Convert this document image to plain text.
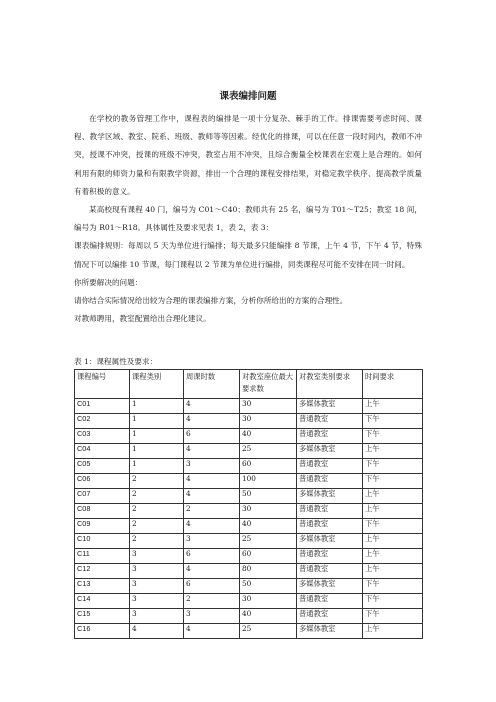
课表编排问题

在学校的教务管理工作中，课程表的编排是一项十分复杂、棘手的工作。排课需要考虑时间、课程、教学区域、教室、院系、班级、教师等等因素。经优化的排课，可以在任意一段时间内，教师不冲突，授课不冲突，授课的班级不冲突，教室占用不冲突，且综合衡量全校课表在宏观上是合理的。如何利用有限的师资力量和有限教学资源，排出一个合理的课程安排结果，对稳定教学秩序、提高教学质量有着积极的意义。

某高校现有课程 40 门，编号为 C01～C40；教师共有 25 名，编号为 T01～T25；教室 18 间，编号为 R01～R18。具体属性及要求见表 1，表 2，表 3：

课表编排规则：每周以 5 天为单位进行编排；每天最多只能编排 8 节课，上午 4 节，下午 4 节，特殊情况下可以编排 10 节课，每门课程以 2 节课为单位进行编排，同类课程尽可能不安排在同一时间。

你所要解决的问题：

请你结合实际情况给出较为合理的课表编排方案，分析你所给出的方案的合理性。

对教师聘用，教室配置给出合理化建议。

表 1：课程属性及要求：
课程编号	课程类别	周课时数	对教室座位最大要求数	对教室类别要求	时间要求
C01	1	4	30	多媒体教室	上午
C02	1	4	30	普通教室	下午
C03	1	6	40	普通教室	下午
C04	1	4	25	多媒体教室	上午
C05	1	3	60	普通教室	下午
C06	2	4	100	普通教室	下午
C07	2	4	50	多媒体教室	上午
C08	2	2	30	普通教室	上午
C09	2	4	40	普通教室	下午
C10	2	3	25	多媒体教室	上午
C11	3	6	60	普通教室	上午
C12	3	4	80	普通教室	上午
C13	3	6	50	多媒体教室	下午
C14	3	2	30	普通教室	下午
C15	3	3	40	普通教室	下午
C16	4	4	25	多媒体教室	上午
